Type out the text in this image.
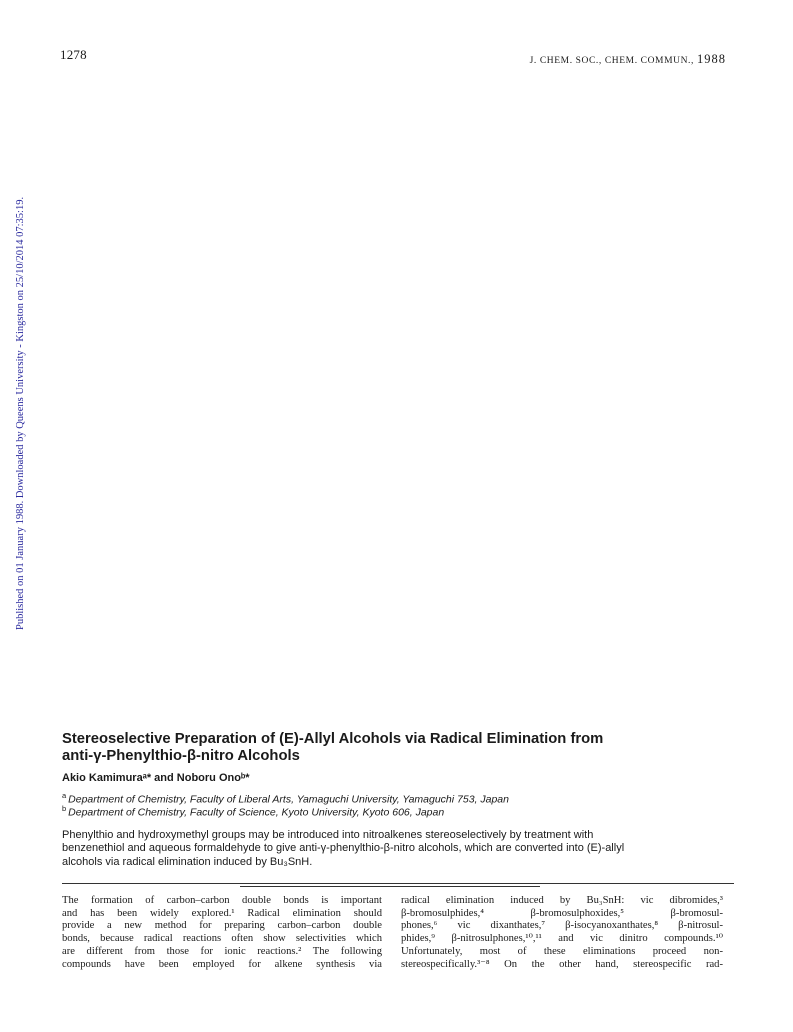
1278	J. CHEM. SOC., CHEM. COMMUN., 1988
Published on 01 January 1988. Downloaded by Queens University - Kingston on 25/10/2014 07:35:19.
Stereoselective Preparation of (E)-Allyl Alcohols via Radical Elimination from
anti-γ-Phenylthio-β-nitro Alcohols

Akio Kamimuraᵃ* and Noboru Onoᵇ*

$^a$ Department of Chemistry, Faculty of Liberal Arts, Yamaguchi University, Yamaguchi 753, Japan

$^b$ Department of Chemistry, Faculty of Science, Kyoto University, Kyoto 606, Japan

Phenylthio and hydroxymethyl groups may be introduced into nitroalkenes stereoselectively by treatment with
benzenethiol and aqueous formaldehyde to give anti-γ-phenylthio-β-nitro alcohols, which are converted into (E)-allyl
alcohols via radical elimination induced by Bu₃SnH.

The formation of carbon–carbon double bonds is important
and has been widely explored.¹ Radical elimination should
provide a new method for preparing carbon–carbon double
bonds, because radical reactions often show selectivities which
are different from those for ionic reactions.² The following
compounds have been employed for alkene synthesis via
radical elimination induced by Bu₃SnH: vic dibromides,³
β-bromosulphides,⁴ β-bromosulphoxides,⁵ β-bromosul-
phones,⁶ vic dixanthates,⁷ β-isocyanoxanthates,⁸ β-nitrosul-
phides,⁹ β-nitrosulphones,¹⁰,¹¹ and vic dinitro compounds.¹⁰
Unfortunately, most of these eliminations proceed non-
stereospecifically.³⁻⁸ On the other hand, stereospecific rad-
